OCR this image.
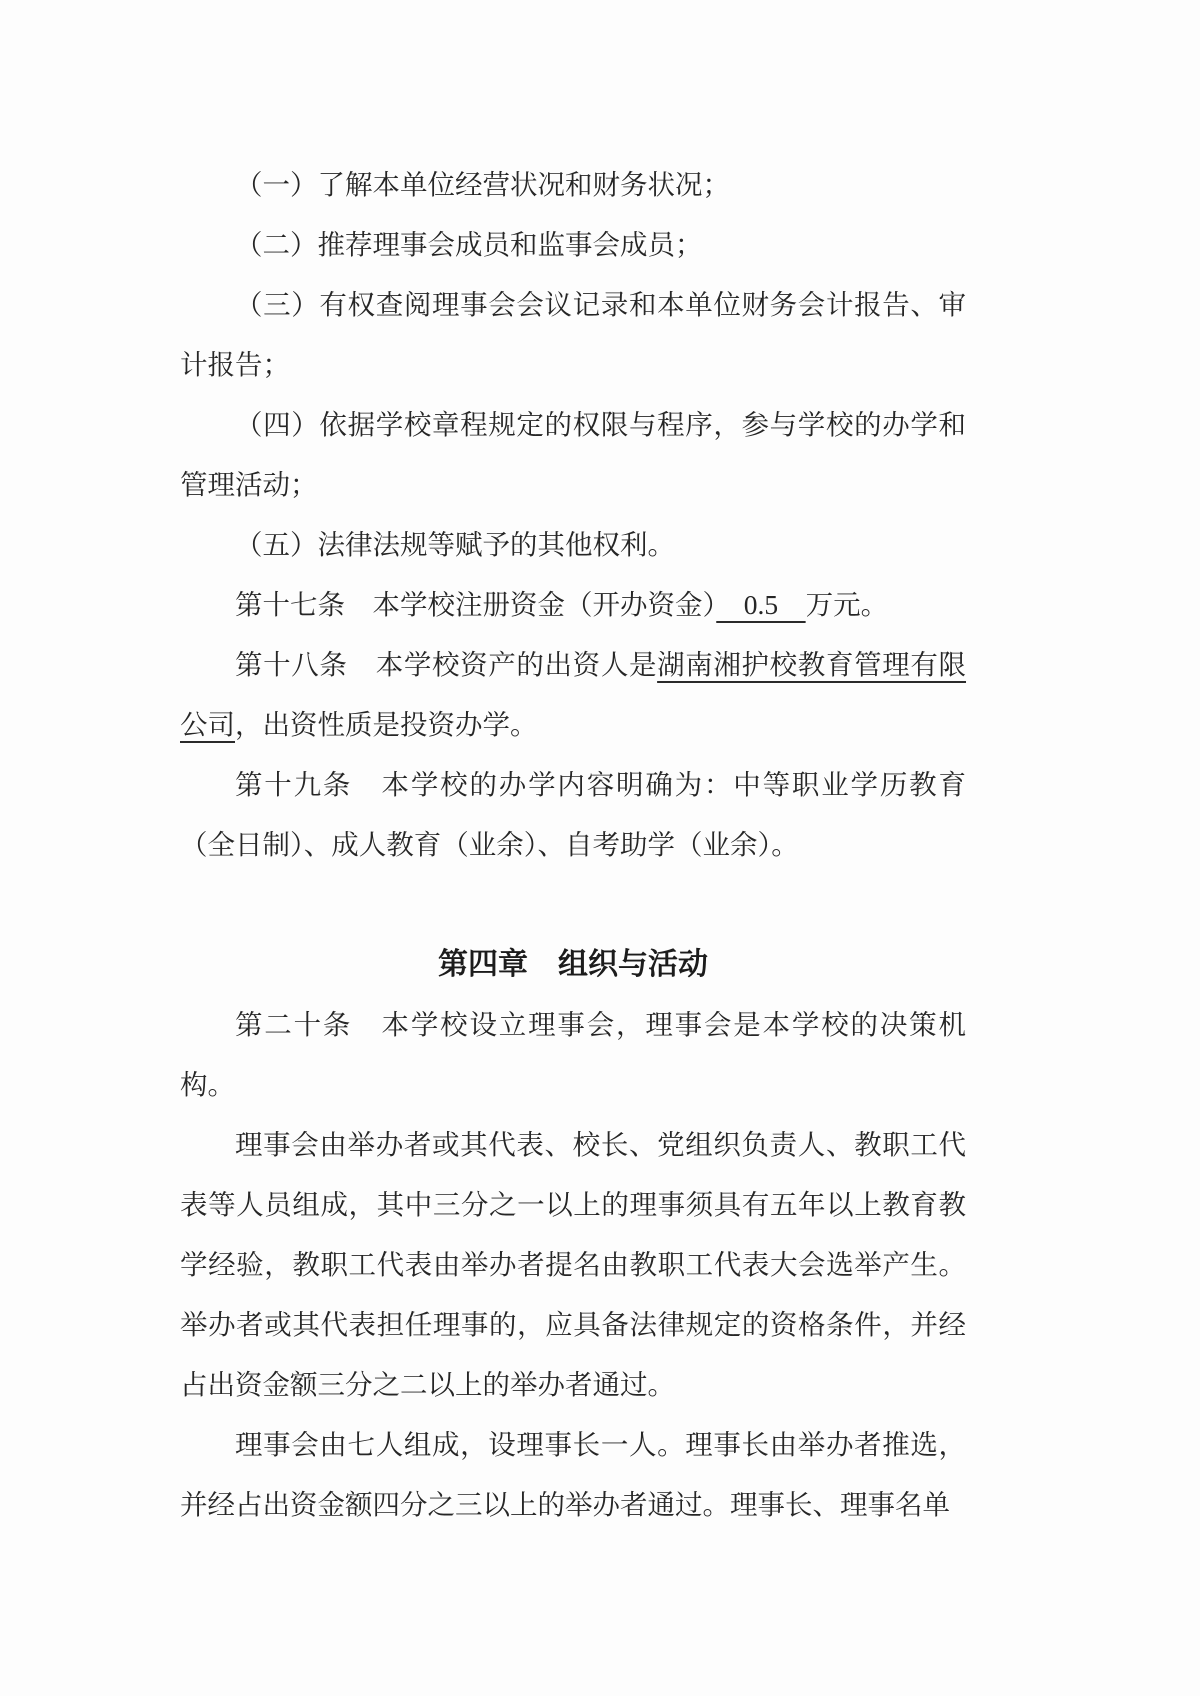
（一）了解本单位经营状况和财务状况；

（二）推荐理事会成员和监事会成员；

（三）有权查阅理事会会议记录和本单位财务会计报告、审计报告；

（四）依据学校章程规定的权限与程序，参与学校的办学和管理活动；

（五）法律法规等赋予的其他权利。

第十七条　本学校注册资金（开办资金）　0.5　万元。

第十八条　本学校资产的出资人是湖南湘护校教育管理有限公司，出资性质是投资办学。

第十九条　本学校的办学内容明确为：中等职业学历教育（全日制）、成人教育（业余）、自考助学（业余）。

第四章　组织与活动

第二十条　本学校设立理事会，理事会是本学校的决策机构。

理事会由举办者或其代表、校长、党组织负责人、教职工代表等人员组成，其中三分之一以上的理事须具有五年以上教育教学经验，教职工代表由举办者提名由教职工代表大会选举产生。举办者或其代表担任理事的，应具备法律规定的资格条件，并经占出资金额三分之二以上的举办者通过。

理事会由七人组成，设理事长一人。理事长由举办者推选，并经占出资金额四分之三以上的举办者通过。理事长、理事名单
